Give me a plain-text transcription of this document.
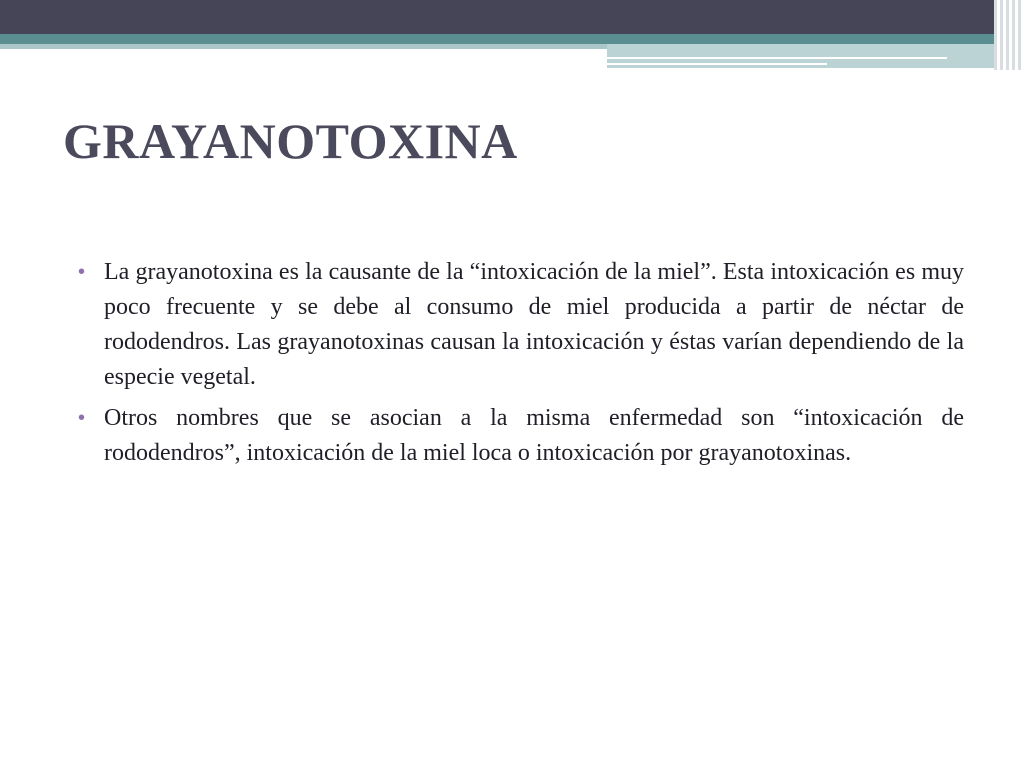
GRAYANOTOXINA
• La grayanotoxina es la causante de la “intoxicación de la miel”. Esta intoxicación es muy poco frecuente y se debe al consumo de miel producida a partir de néctar de rododendros. Las grayanotoxinas causan la intoxicación y éstas varían dependiendo de la especie vegetal.
• Otros nombres que se asocian a la misma enfermedad son “intoxicación de rododendros”, intoxicación de la miel loca o intoxicación por grayanotoxinas.
